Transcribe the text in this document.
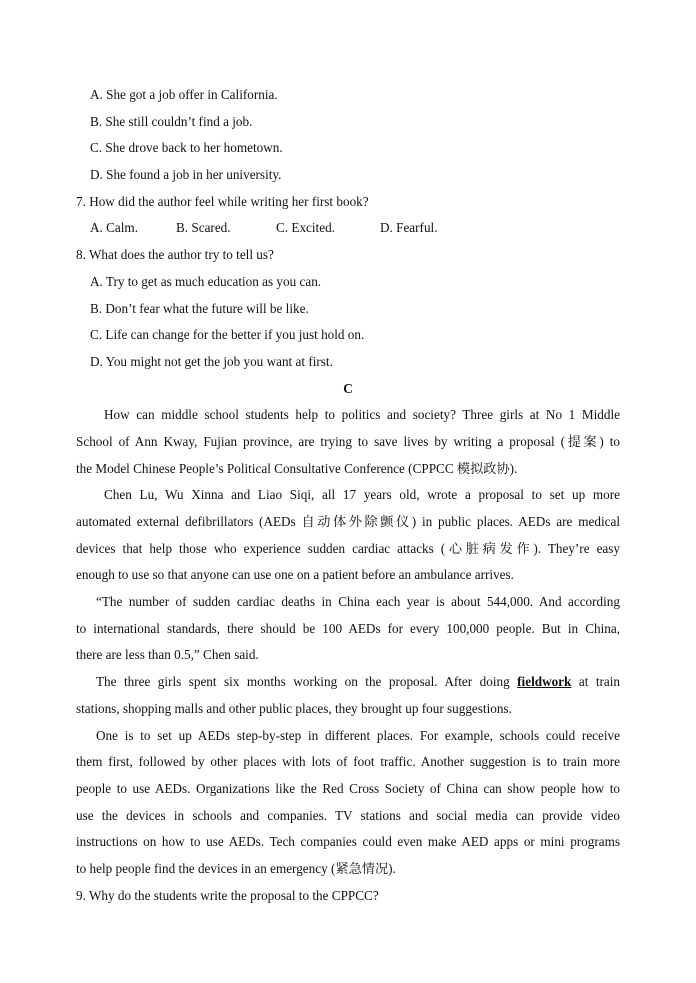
A. She got a job offer in California.
B. She still couldn’t find a job.
C. She drove back to her hometown.
D. She found a job in her university.
7. How did the author feel while writing her first book?
A. Calm.	B. Scared.	C. Excited.	D. Fearful.
8. What does the author try to tell us?
A. Try to get as much education as you can.
B. Don’t fear what the future will be like.
C. Life can change for the better if you just hold on.
D. You might not get the job you want at first.
C
How can middle school students help to politics and society? Three girls at No 1 Middle
School of Ann Kway, Fujian province, are trying to save lives by writing a proposal (提案) to
the Model Chinese People’s Political Consultative Conference (CPPCC 模拟政协).
Chen Lu, Wu Xinna and Liao Siqi, all 17 years old, wrote a proposal to set up more
automated external defibrillators (AEDs 自动体外除颤仪) in public places. AEDs are medical
devices that help those who experience sudden cardiac attacks (心脏病发作). They’re easy
enough to use so that anyone can use one on a patient before an ambulance arrives.
“The number of sudden cardiac deaths in China each year is about 544,000. And according
to international standards, there should be 100 AEDs for every 100,000 people. But in China,
there are less than 0.5,” Chen said.
The three girls spent six months working on the proposal. After doing fieldwork at train
stations, shopping malls and other public places, they brought up four suggestions.
One is to set up AEDs step-by-step in different places. For example, schools could receive
them first, followed by other places with lots of foot traffic. Another suggestion is to train more
people to use AEDs. Organizations like the Red Cross Society of China can show people how to
use the devices in schools and companies. TV stations and social media can provide video
instructions on how to use AEDs. Tech companies could even make AED apps or mini programs
to help people find the devices in an emergency (紧急情况).
9. Why do the students write the proposal to the CPPCC?
